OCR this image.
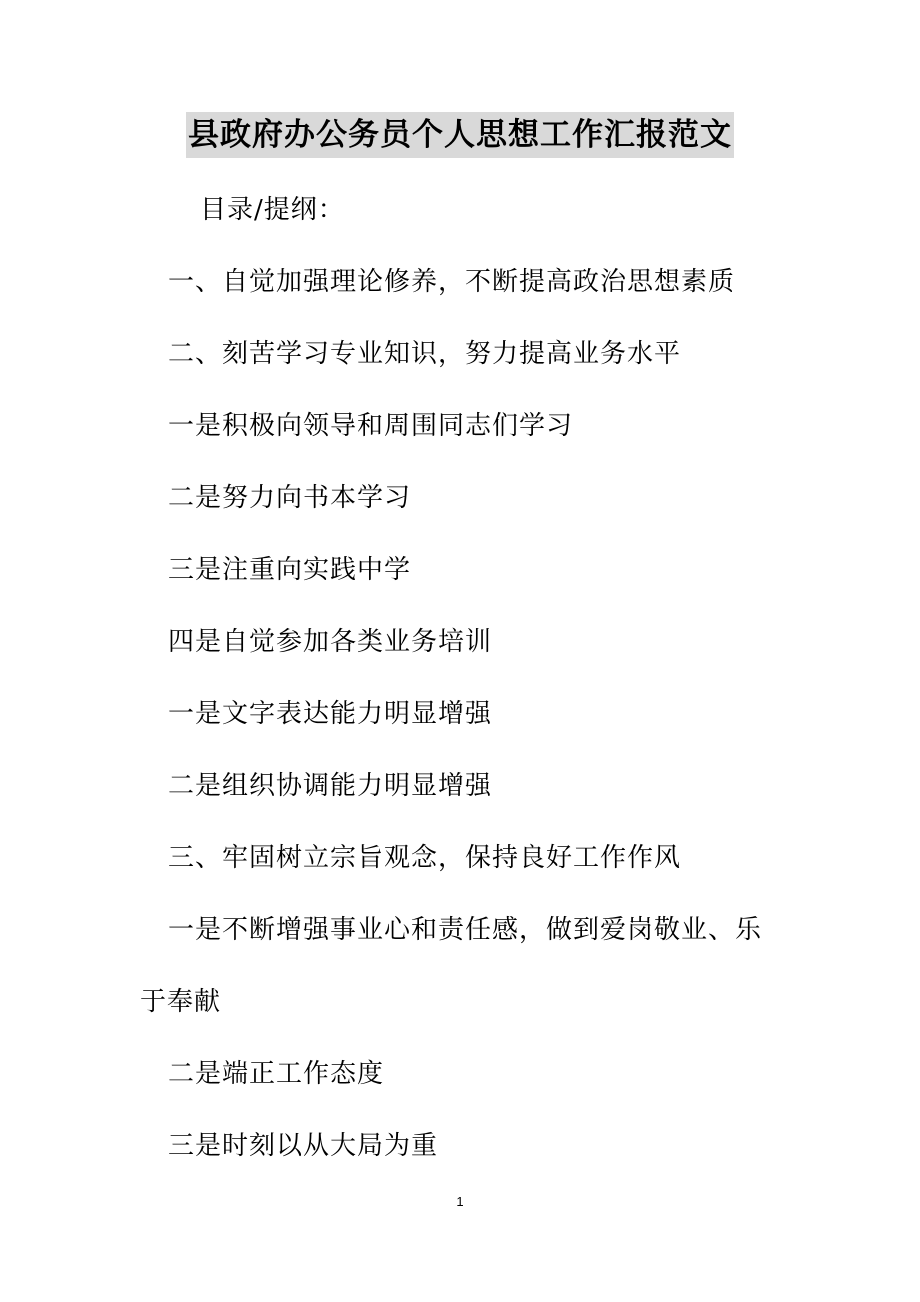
县政府办公务员个人思想工作汇报范文
目录/提纲：
一、自觉加强理论修养，不断提高政治思想素质
二、刻苦学习专业知识，努力提高业务水平
一是积极向领导和周围同志们学习
二是努力向书本学习
三是注重向实践中学
四是自觉参加各类业务培训
一是文字表达能力明显增强
二是组织协调能力明显增强
三、牢固树立宗旨观念，保持良好工作作风
一是不断增强事业心和责任感，做到爱岗敬业、乐
于奉献
二是端正工作态度
三是时刻以从大局为重
1
